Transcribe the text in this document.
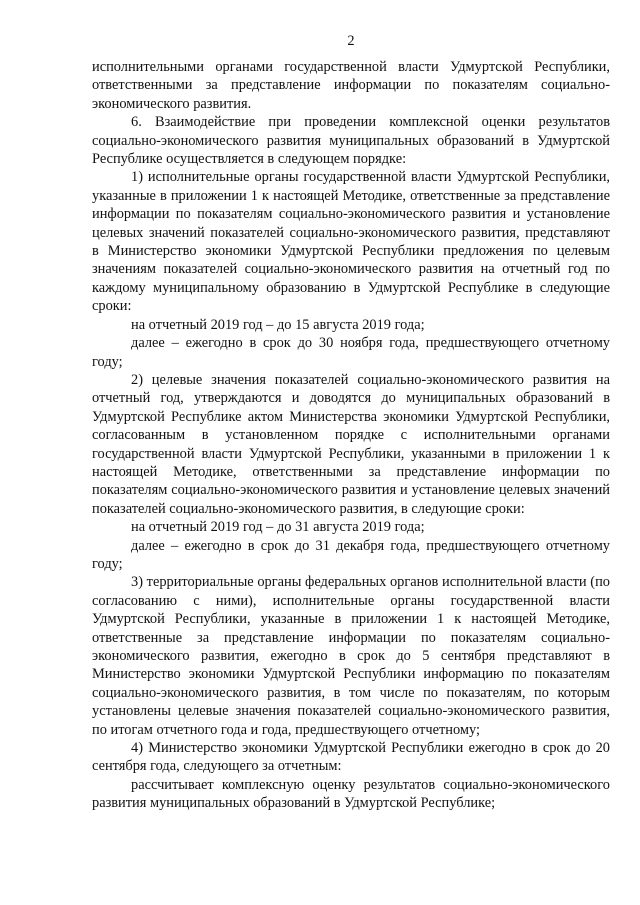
2

исполнительными органами государственной власти Удмуртской Республики, ответственными за представление информации по показателям социально-экономического развития.

6. Взаимодействие при проведении комплексной оценки результатов социально-экономического развития муниципальных образований в Удмуртской Республике осуществляется в следующем порядке:

1) исполнительные органы государственной власти Удмуртской Республики, указанные в приложении 1 к настоящей Методике, ответственные за представление информации по показателям социально-экономического развития и установление целевых значений показателей социально-экономического развития, представляют в Министерство экономики Удмуртской Республики предложения по целевым значениям показателей социально-экономического развития на отчетный год по каждому муниципальному образованию в Удмуртской Республике в следующие сроки:

на отчетный 2019 год – до 15 августа 2019 года;

далее – ежегодно в срок до 30 ноября года, предшествующего отчетному году;

2) целевые значения показателей социально-экономического развития на отчетный год, утверждаются и доводятся до муниципальных образований в Удмуртской Республике актом Министерства экономики Удмуртской Республики, согласованным в установленном порядке с исполнительными органами государственной власти Удмуртской Республики, указанными в приложении 1 к настоящей Методике, ответственными за представление информации по показателям социально-экономического развития и установление целевых значений показателей социально-экономического развития, в следующие сроки:

на отчетный 2019 год – до 31 августа 2019 года;

далее – ежегодно в срок до 31 декабря года, предшествующего отчетному году;

3) территориальные органы федеральных органов исполнительной власти (по согласованию с ними), исполнительные органы государственной власти Удмуртской Республики, указанные в приложении 1 к настоящей Методике, ответственные за представление информации по показателям социально-экономического развития, ежегодно в срок до 5 сентября представляют в Министерство экономики Удмуртской Республики информацию по показателям социально-экономического развития, в том числе по показателям, по которым установлены целевые значения показателей социально-экономического развития, по итогам отчетного года и года, предшествующего отчетному;

4) Министерство экономики Удмуртской Республики ежегодно в срок до 20 сентября года, следующего за отчетным:

рассчитывает комплексную оценку результатов социально-экономического развития муниципальных образований в Удмуртской Республике;
